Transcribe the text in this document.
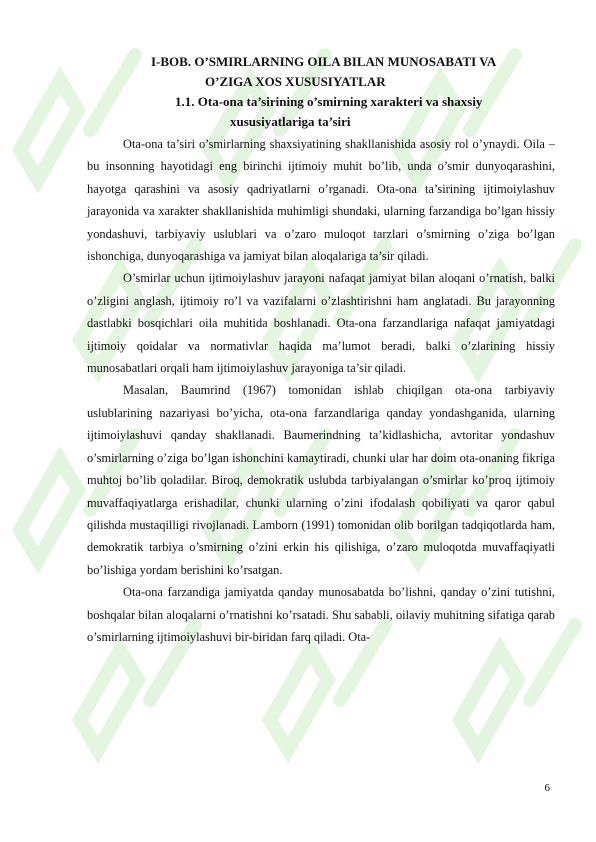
I-BOB. O’SMIRLARNING OILA BILAN MUNOSABATI VA

O’ZIGA XOS XUSUSIYATLAR

1.1. Ota-ona ta’sirining o’smirning xarakteri va shaxsiy

xususiyatlariga ta’siri

Ota-ona ta’siri o’smirlarning shaxsiyatining shakllanishida asosiy rol o’ynaydi. Oila – bu insonning hayotidagi eng birinchi ijtimoiy muhit bo’lib, unda o’smir dunyoqarashini, hayotga qarashini va asosiy qadriyatlarni o’rganadi. Ota-ona ta’sirining ijtimoiylashuv jarayonida va xarakter shakllanishida muhimligi shundaki, ularning farzandiga bo’lgan hissiy yondashuvi, tarbiyaviy uslublari va o’zaro muloqot tarzlari o’smirning o’ziga bo’lgan ishonchiga, dunyoqarashiga va jamiyat bilan aloqalariga ta’sir qiladi.

O’smirlar uchun ijtimoiylashuv jarayoni nafaqat jamiyat bilan aloqani o’rnatish, balki o’zligini anglash, ijtimoiy ro’l va vazifalarni o’zlashtirishni ham anglatadi. Bu jarayonning dastlabki bosqichlari oila muhitida boshlanadi. Ota-ona farzandlariga nafaqat jamiyatdagi ijtimoiy qoidalar va normativlar haqida ma’lumot beradi, balki o’zlarining hissiy munosabatlari orqali ham ijtimoiylashuv jarayoniga ta’sir qiladi.

Masalan, Baumrind (1967) tomonidan ishlab chiqilgan ota-ona tarbiyaviy uslublarining nazariyasi bo’yicha, ota-ona farzandlariga qanday yondashganida, ularning ijtimoiylashuvi qanday shakllanadi. Baumerindning ta’kidlashicha, avtoritar yondashuv o’smirlarning o’ziga bo’lgan ishonchini kamaytiradi, chunki ular har doim ota-onaning fikriga muhtoj bo’lib qoladilar. Biroq, demokratik uslubda tarbiyalangan o’smirlar ko’proq ijtimoiy muvaffaqiyatlarga erishadilar, chunki ularning o’zini ifodalash qobiliyati va qaror qabul qilishda mustaqilligi rivojlanadi. Lamborn (1991) tomonidan olib borilgan tadqiqotlarda ham, demokratik tarbiya o’smirning o’zini erkin his qilishiga, o’zaro muloqotda muvaffaqiyatli bo’lishiga yordam berishini ko’rsatgan.

Ota-ona farzandiga jamiyatda qanday munosabatda bo’lishni, qanday o’zini tutishni, boshqalar bilan aloqalarni o’rnatishni ko’rsatadi. Shu sababli, oilaviy muhitning sifatiga qarab o’smirlarning ijtimoiylashuvi bir-biridan farq qiladi. Ota-

6
